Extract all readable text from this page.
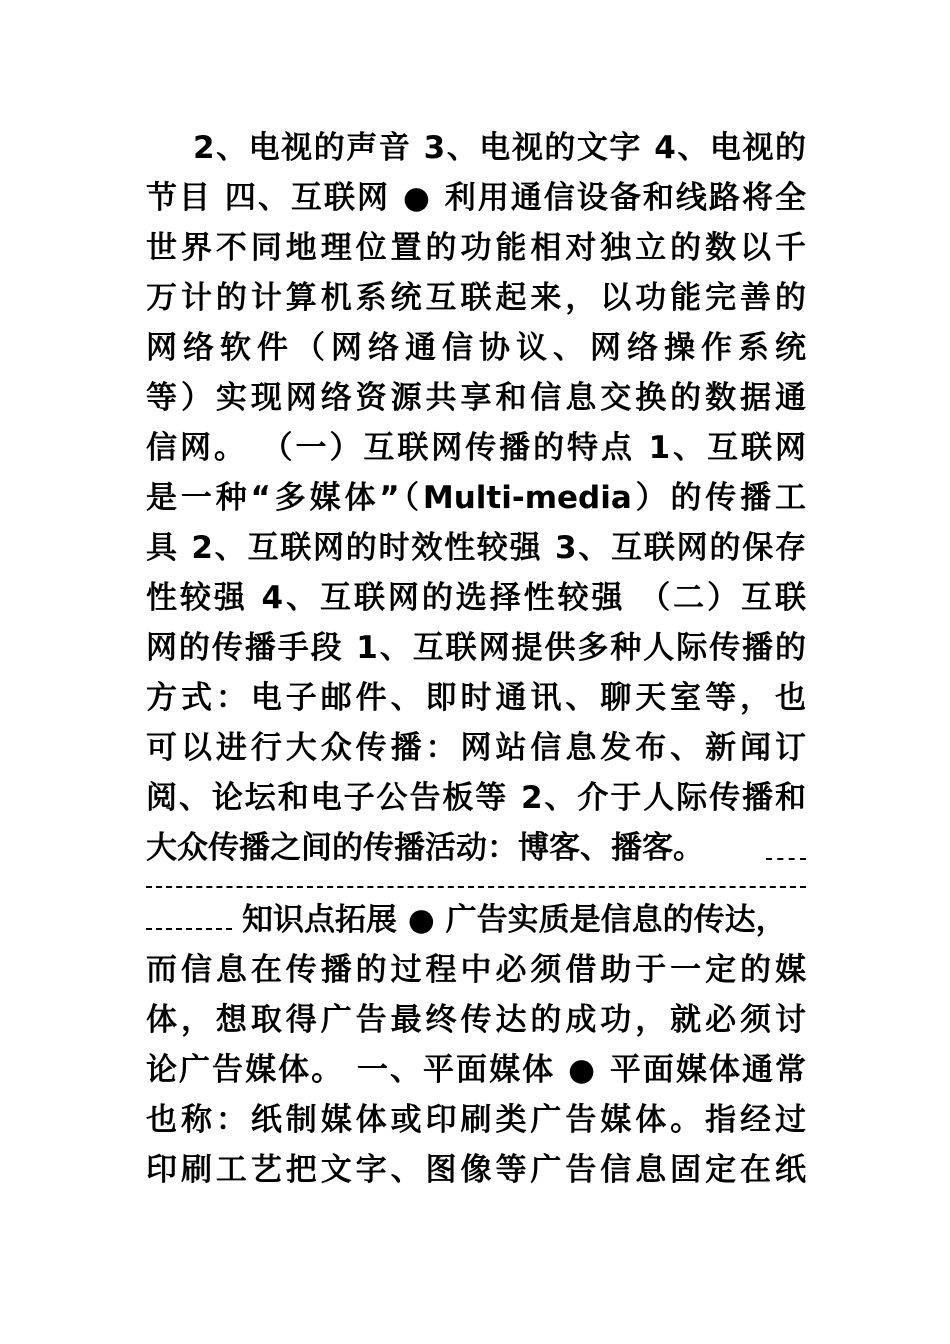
2、电视的声音 3、电视的文字 4、电视的
节目 四、互联网 ● 利用通信设备和线路将全
世界不同地理位置的功能相对独立的数以千
万计的计算机系统互联起来，以功能完善的
网络软件（网络通信协议、网络操作系统
等）实现网络资源共享和信息交换的数据通
信网。 （一）互联网传播的特点 1、互联网
是一种“多媒体”（Multi-media）的传播工
具 2、互联网的时效性较强 3、互联网的保存
性较强 4、互联网的选择性较强 （二）互联
网的传播手段 1、互联网提供多种人际传播的
方式：电子邮件、即时通讯、聊天室等，也
可以进行大众传播：网站信息发布、新闻订
阅、论坛和电子公告板等 2、介于人际传播和
大众传播之间的传播活动：博客、播客。
知识点拓展 ● 广告实质是信息的传达，
而信息在传播的过程中必须借助于一定的媒
体，想取得广告最终传达的成功，就必须讨
论广告媒体。 一、平面媒体 ● 平面媒体通常
也称：纸制媒体或印刷类广告媒体。指经过
印刷工艺把文字、图像等广告信息固定在纸
